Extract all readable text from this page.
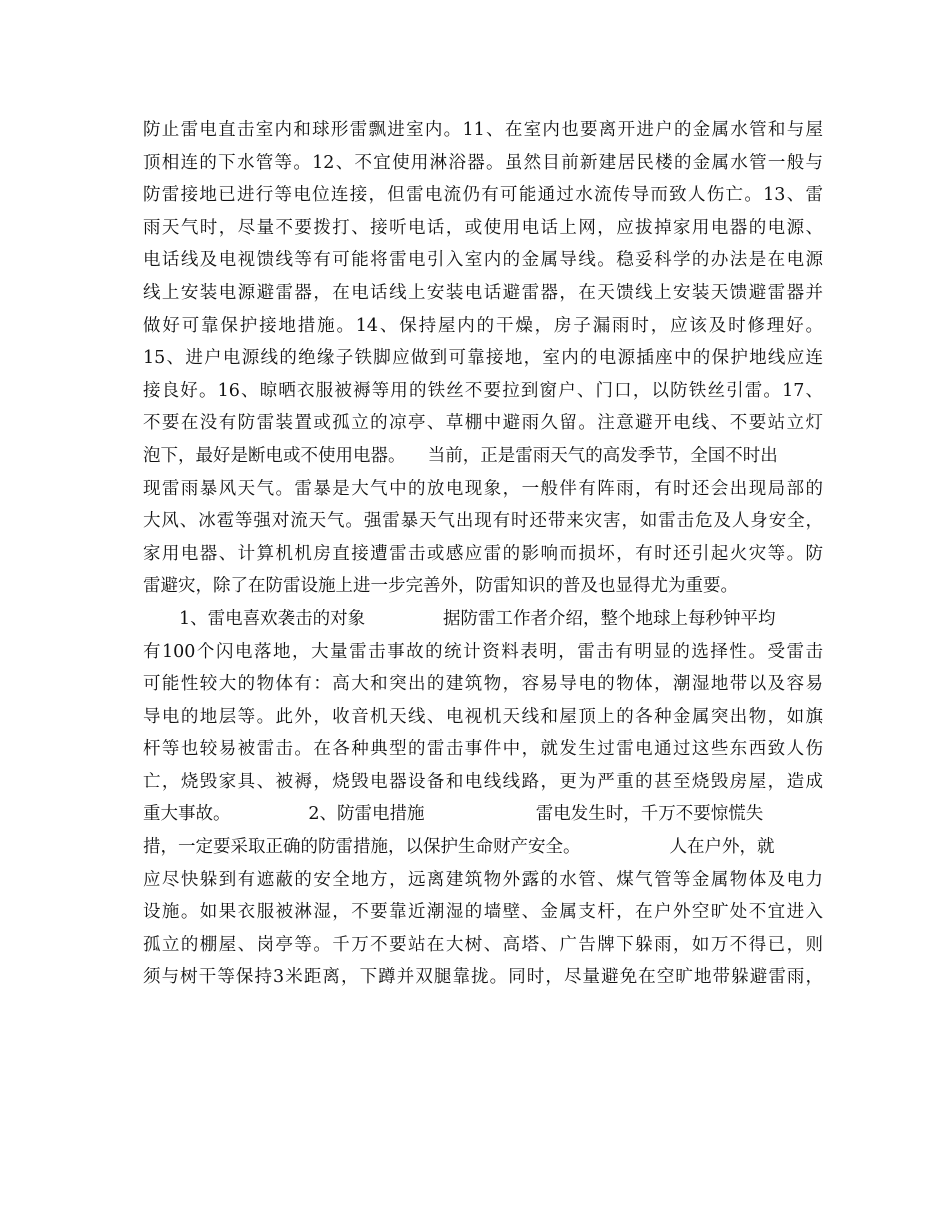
防止雷电直击室内和球形雷飘进室内。11、在室内也要离开进户的金属水管和与屋
顶相连的下水管等。12、不宜使用淋浴器。虽然目前新建居民楼的金属水管一般与
防雷接地已进行等电位连接，但雷电流仍有可能通过水流传导而致人伤亡。13、雷
雨天气时，尽量不要拨打、接听电话，或使用电话上网，应拔掉家用电器的电源、
电话线及电视馈线等有可能将雷电引入室内的金属导线。稳妥科学的办法是在电源
线上安装电源避雷器，在电话线上安装电话避雷器，在天馈线上安装天馈避雷器并
做好可靠保护接地措施。14、保持屋内的干燥，房子漏雨时，应该及时修理好。
15、进户电源线的绝缘子铁脚应做到可靠接地，室内的电源插座中的保护地线应连
接良好。16、晾晒衣服被褥等用的铁丝不要拉到窗户、门口，以防铁丝引雷。17、
不要在没有防雷装置或孤立的凉亭、草棚中避雨久留。注意避开电线、不要站立灯
泡下，最好是断电或不使用电器。    当前，正是雷雨天气的高发季节，全国不时出
现雷雨暴风天气。雷暴是大气中的放电现象，一般伴有阵雨，有时还会出现局部的
大风、冰雹等强对流天气。强雷暴天气出现有时还带来灾害，如雷击危及人身安全，
家用电器、计算机机房直接遭雷击或感应雷的影响而损坏，有时还引起火灾等。防
雷避灾，除了在防雷设施上进一步完善外，防雷知识的普及也显得尤为重要。
1、雷电喜欢袭击的对象              据防雷工作者介绍，整个地球上每秒钟平均
有100个闪电落地，大量雷击事故的统计资料表明，雷击有明显的选择性。受雷击
可能性较大的物体有：高大和突出的建筑物，容易导电的物体，潮湿地带以及容易
导电的地层等。此外，收音机天线、电视机天线和屋顶上的各种金属突出物，如旗
杆等也较易被雷击。在各种典型的雷击事件中，就发生过雷电通过这些东西致人伤
亡，烧毁家具、被褥，烧毁电器设备和电线线路，更为严重的甚至烧毁房屋，造成
重大事故。              2、防雷电措施                    雷电发生时，千万不要惊慌失
措，一定要采取正确的防雷措施，以保护生命财产安全。                人在户外，就
应尽快躲到有遮蔽的安全地方，远离建筑物外露的水管、煤气管等金属物体及电力
设施。如果衣服被淋湿，不要靠近潮湿的墙壁、金属支杆，在户外空旷处不宜进入
孤立的棚屋、岗亭等。千万不要站在大树、高塔、广告牌下躲雨，如万不得已，则
须与树干等保持3米距离，下蹲并双腿靠拢。同时，尽量避免在空旷地带躲避雷雨，
